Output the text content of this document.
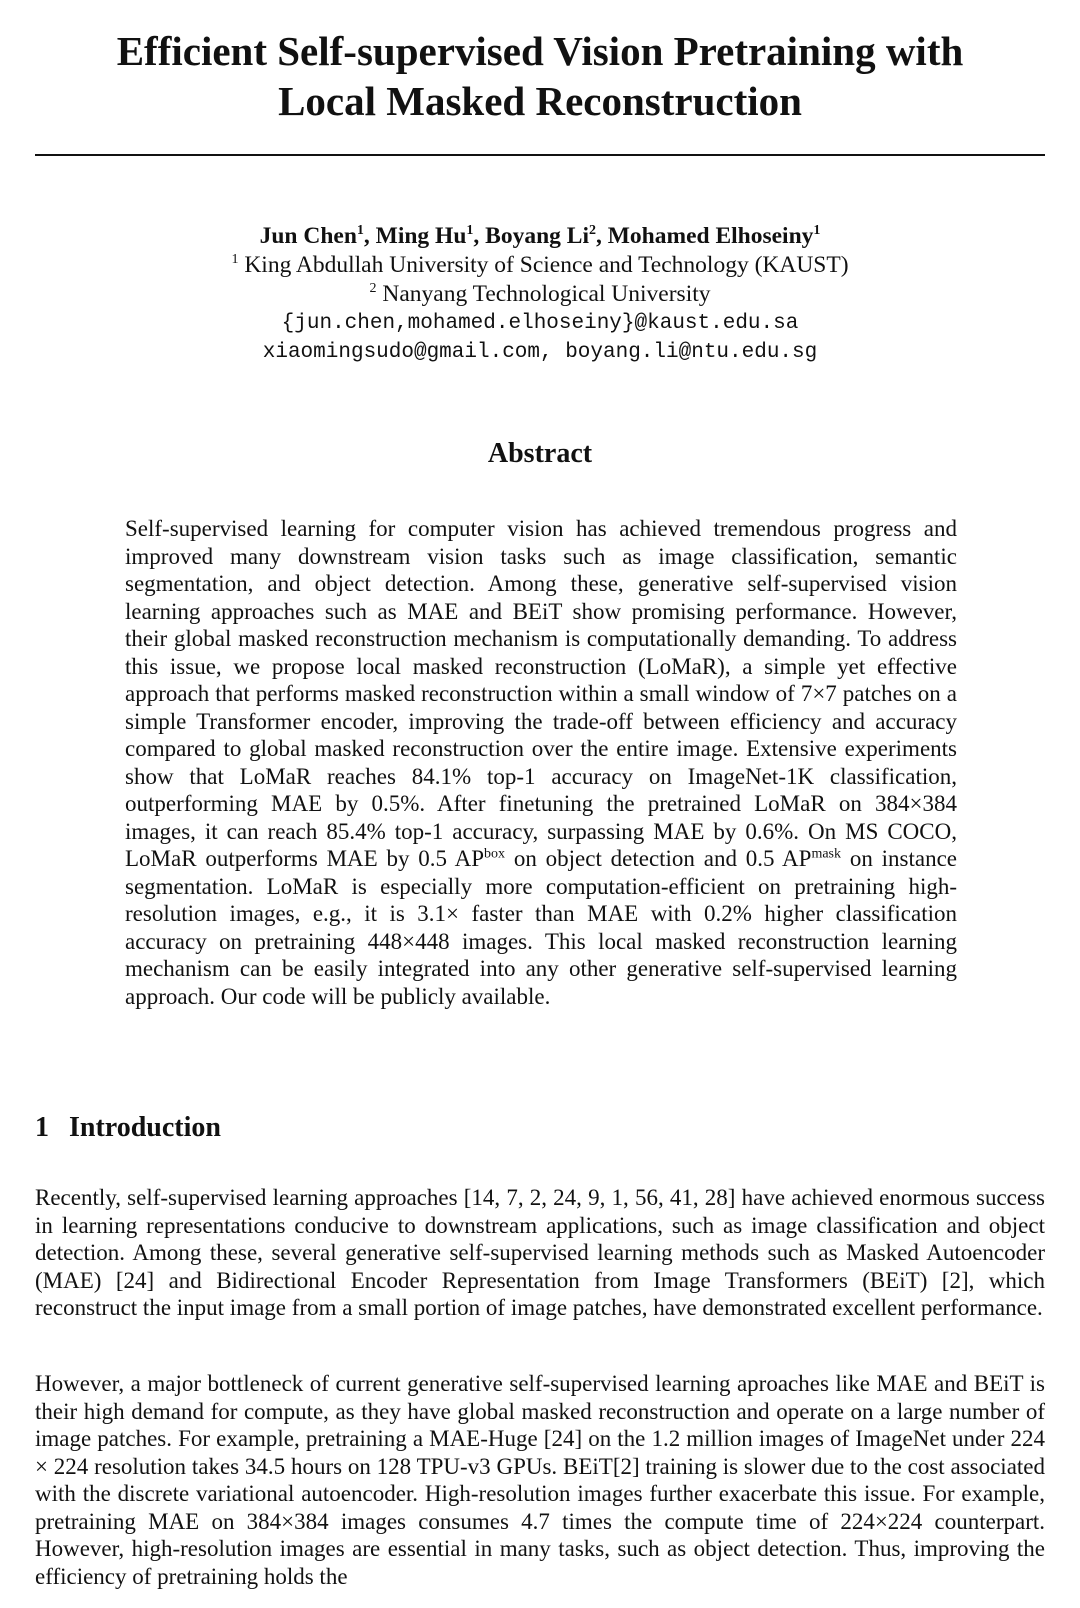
Efficient Self-supervised Vision Pretraining with
Local Masked Reconstruction
Jun Chen$^1$, Ming Hu$^1$, Boyang Li$^2$, Mohamed Elhoseiny$^1$
$^1$ King Abdullah University of Science and Technology (KAUST)
$^2$ Nanyang Technological University
{jun.chen,mohamed.elhoseiny}@kaust.edu.sa
xiaomingsudo@gmail.com, boyang.li@ntu.edu.sg
Abstract
Self-supervised learning for computer vision has achieved tremendous progress and improved many downstream vision tasks such as image classification, semantic segmentation, and object detection. Among these, generative self-supervised vision learning approaches such as MAE and BEiT show promising performance. However, their global masked reconstruction mechanism is computationally demanding. To address this issue, we propose local masked reconstruction (LoMaR), a simple yet effective approach that performs masked reconstruction within a small window of 7×7 patches on a simple Transformer encoder, improving the trade-off between efficiency and accuracy compared to global masked reconstruction over the entire image. Extensive experiments show that LoMaR reaches 84.1% top-1 accuracy on ImageNet-1K classification, outperforming MAE by 0.5%. After finetuning the pretrained LoMaR on 384×384 images, it can reach 85.4% top-1 accuracy, surpassing MAE by 0.6%. On MS COCO, LoMaR outperforms MAE by 0.5 $AP^{box}$ on object detection and 0.5 $AP^{mask}$ on instance segmentation. LoMaR is especially more computation-efficient on pretraining high-resolution images, e.g., it is 3.1× faster than MAE with 0.2% higher classification accuracy on pretraining 448×448 images. This local masked reconstruction learning mechanism can be easily integrated into any other generative self-supervised learning approach. Our code will be publicly available.
1 Introduction
Recently, self-supervised learning approaches [14, 7, 2, 24, 9, 1, 56, 41, 28] have achieved enormous success in learning representations conducive to downstream applications, such as image classification and object detection. Among these, several generative self-supervised learning methods such as Masked Autoencoder (MAE) [24] and Bidirectional Encoder Representation from Image Transformers (BEiT) [2], which reconstruct the input image from a small portion of image patches, have demonstrated excellent performance.
However, a major bottleneck of current generative self-supervised learning aproaches like MAE and BEiT is their high demand for compute, as they have global masked reconstruction and operate on a large number of image patches. For example, pretraining a MAE-Huge [24] on the 1.2 million images of ImageNet under 224 × 224 resolution takes 34.5 hours on 128 TPU-v3 GPUs. BEiT[2] training is slower due to the cost associated with the discrete variational autoencoder. High-resolution images further exacerbate this issue. For example, pretraining MAE on 384×384 images consumes 4.7 times the compute time of 224×224 counterpart. However, high-resolution images are essential in many tasks, such as object detection. Thus, improving the efficiency of pretraining holds the
